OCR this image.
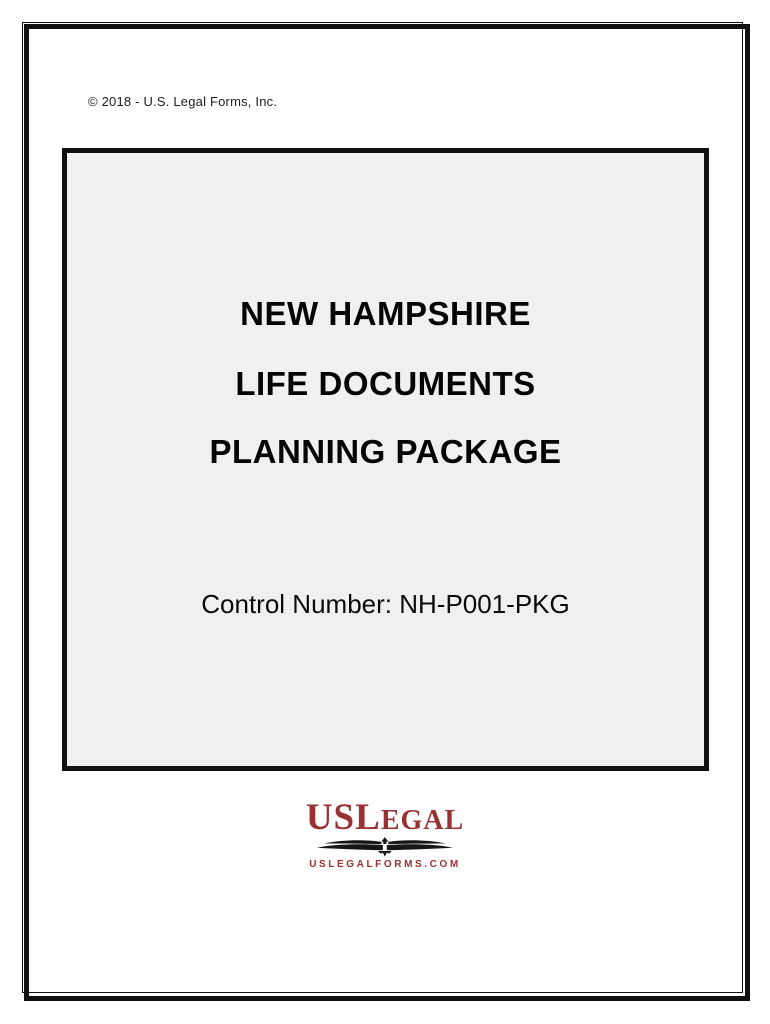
© 2018 - U.S. Legal Forms, Inc.
NEW HAMPSHIRE
LIFE DOCUMENTS
PLANNING PACKAGE
Control Number: NH-P001-PKG
USLEGAL
USLEGALFORMS.COM
